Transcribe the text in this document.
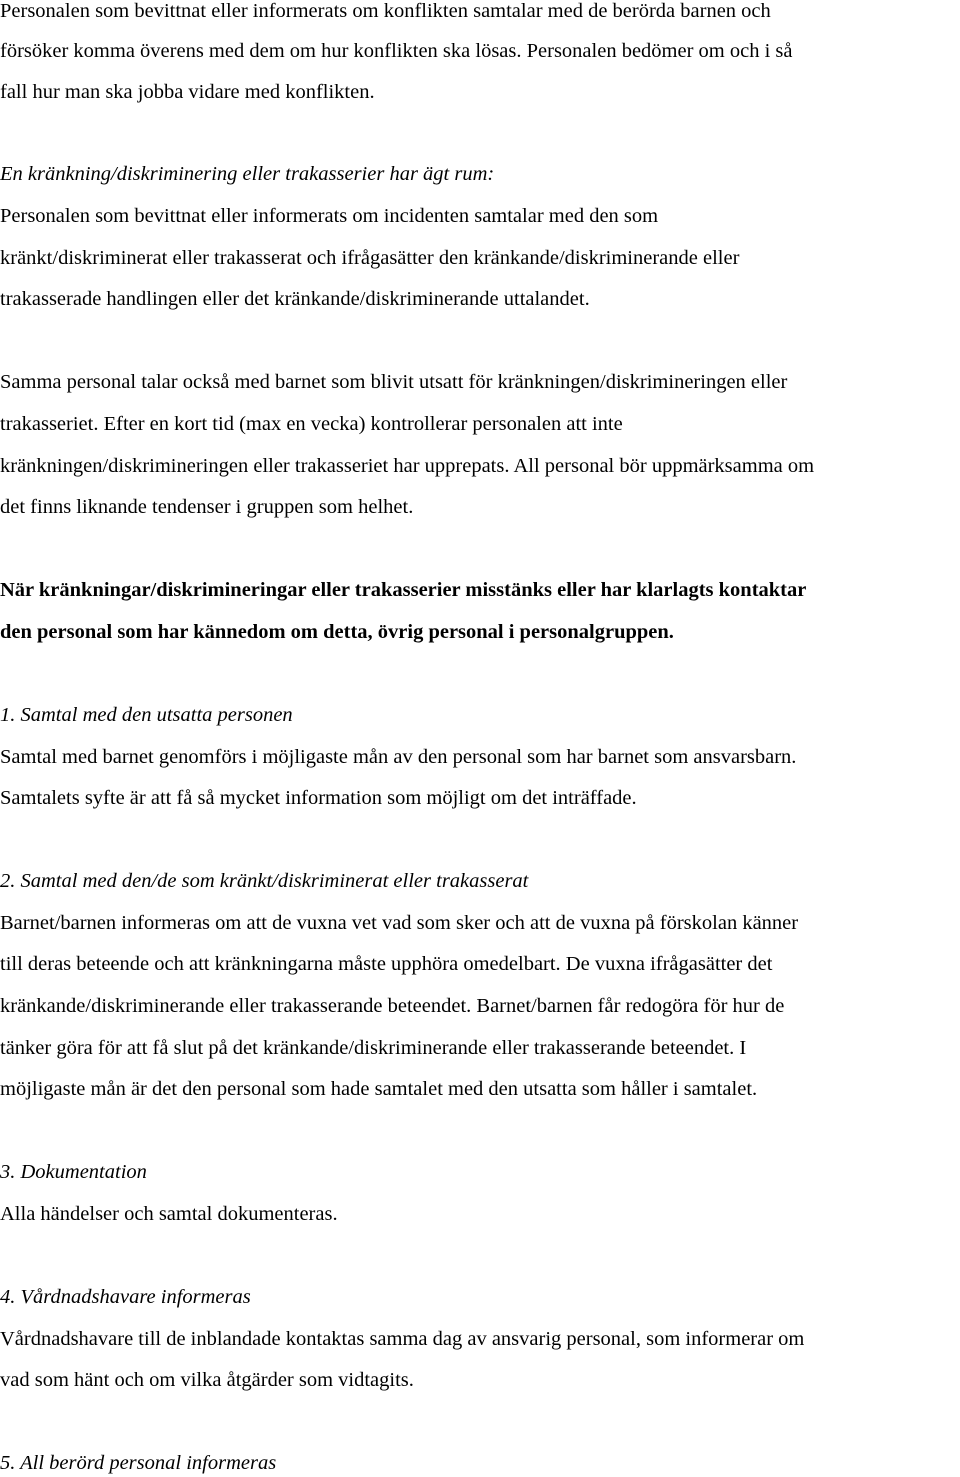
Personalen som bevittnat eller informerats om konflikten samtalar med de berörda barnen och
försöker komma överens med dem om hur konflikten ska lösas. Personalen bedömer om och i så
fall hur man ska jobba vidare med konflikten.
En kränkning/diskriminering eller trakasserier har ägt rum:
Personalen som bevittnat eller informerats om incidenten samtalar med den som
kränkt/diskriminerat eller trakasserat och ifrågasätter den kränkande/diskriminerande eller
trakasserade handlingen eller det kränkande/diskriminerande uttalandet.
Samma personal talar också med barnet som blivit utsatt för kränkningen/diskrimineringen eller
trakasseriet. Efter en kort tid (max en vecka) kontrollerar personalen att inte
kränkningen/diskrimineringen eller trakasseriet har upprepats. All personal bör uppmärksamma om
det finns liknande tendenser i gruppen som helhet.
När kränkningar/diskrimineringar eller trakasserier misstänks eller har klarlagts kontaktar
den personal som har kännedom om detta, övrig personal i personalgruppen.
1. Samtal med den utsatta personen
Samtal med barnet genomförs i möjligaste mån av den personal som har barnet som ansvarsbarn.
Samtalets syfte är att få så mycket information som möjligt om det inträffade.
2. Samtal med den/de som kränkt/diskriminerat eller trakasserat
Barnet/barnen informeras om att de vuxna vet vad som sker och att de vuxna på förskolan känner
till deras beteende och att kränkningarna måste upphöra omedelbart. De vuxna ifrågasätter det
kränkande/diskriminerande eller trakasserande beteendet. Barnet/barnen får redogöra för hur de
tänker göra för att få slut på det kränkande/diskriminerande eller trakasserande beteendet. I
möjligaste mån är det den personal som hade samtalet med den utsatta som håller i samtalet.
3. Dokumentation
Alla händelser och samtal dokumenteras.
4. Vårdnadshavare informeras
Vårdnadshavare till de inblandade kontaktas samma dag av ansvarig personal, som informerar om
vad som hänt och om vilka åtgärder som vidtagits.
5. All berörd personal informeras
